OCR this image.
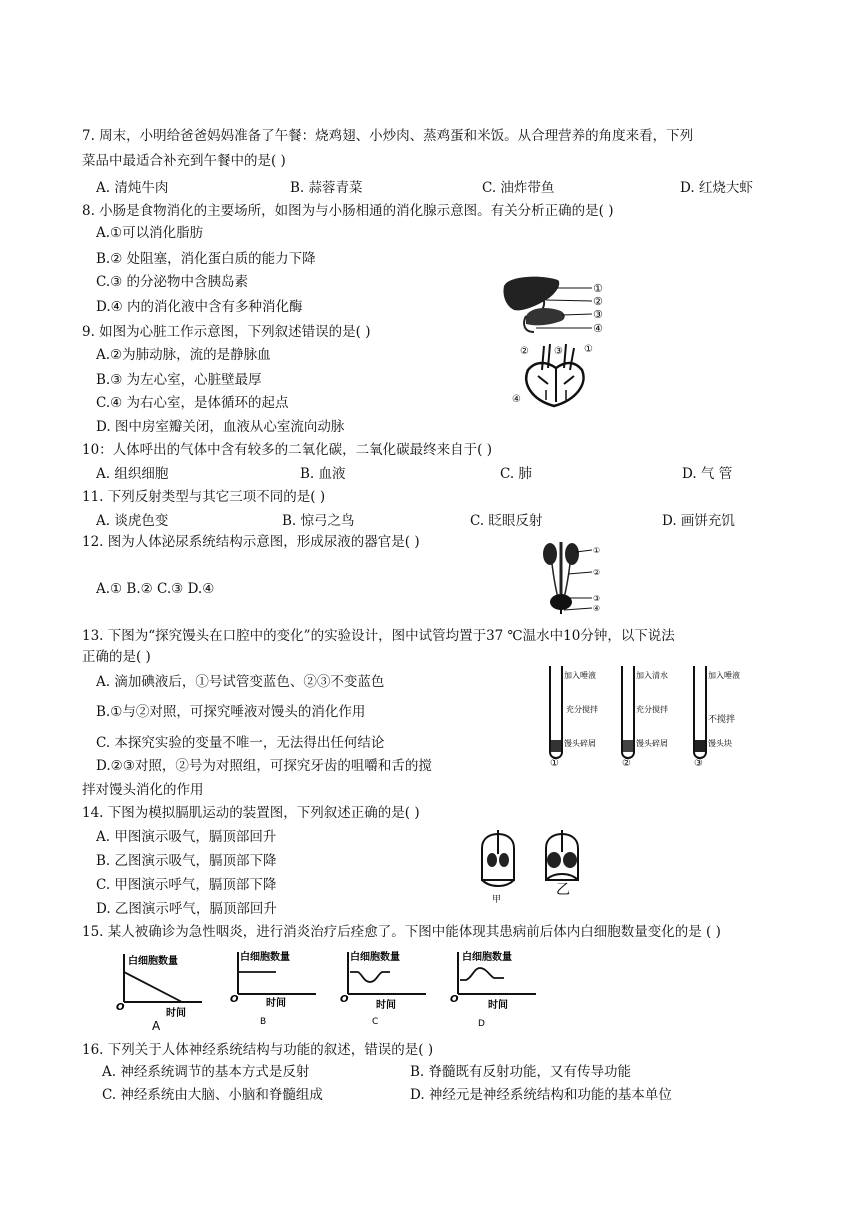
7. 周末，小明给爸爸妈妈准备了午餐：烧鸡翅、小炒肉、蒸鸡蛋和米饭。从合理营养的角度来看，下列
菜品中最适合补充到午餐中的是( )
A. 清炖牛肉	B. 蒜蓉青菜	C. 油炸带鱼	D. 红烧大虾
8. 小肠是食物消化的主要场所，如图为与小肠相通的消化腺示意图。有关分析正确的是( )
A.①可以消化脂肪
B.② 处阻塞，消化蛋白质的能力下降
C.③ 的分泌物中含胰岛素
D.④ 内的消化液中含有多种消化酶
①
②
③
④
9. 如图为心脏工作示意图，下列叙述错误的是( )
A.②为肺动脉，流的是静脉血
B.③ 为左心室，心脏壁最厚
C.④ 为右心室，是体循环的起点
D. 图中房室瓣关闭，血液从心室流向动脉
②	③ ①
④
10：人体呼出的气体中含有较多的二氧化碳，二氧化碳最终来自于( )
A. 组织细胞	B. 血液	C. 肺	D. 气 管
11. 下列反射类型与其它三项不同的是( )
A. 谈虎色变	B. 惊弓之鸟	C. 眨眼反射	D. 画饼充饥
12. 图为人体泌尿系统结构示意图，形成尿液的器官是( )
A.① B.② C.③ D.④
①
②
③
④
13. 下图为“探究馒头在口腔中的变化”的实验设计，图中试管均置于37 ℃温水中10分钟，以下说法
正确的是( )
A. 滴加碘液后，①号试管变蓝色、②③不变蓝色
B.①与②对照，可探究唾液对馒头的消化作用
C. 本探究实验的变量不唯一，无法得出任何结论
D.②③对照，②号为对照组，可探究牙齿的咀嚼和舌的搅
拌对馒头消化的作用
加入唾液
充分搅拌
馒头碎屑
①
加入清水
充分搅拌
馒头碎屑
②
加入唾液
不搅拌
馒头块
③
14. 下图为模拟膈肌运动的装置图，下列叙述正确的是( )
A. 甲图演示吸气，膈顶部回升
B. 乙图演示吸气，膈顶部下降
C. 甲图演示呼气，膈顶部下降
D. 乙图演示呼气，膈顶部回升
甲
乙
15. 某人被确诊为急性咽炎，进行消炎治疗后痊愈了。下图中能体现其患病前后体内白细胞数量变化的是 ( )
白细胞数量
O
时间
A
白细胞数量
O	时间
B
白细胞数量
O
时间
C
白细胞数量
O
时间
D
16. 下列关于人体神经系统结构与功能的叙述，错误的是( )
A. 神经系统调节的基本方式是反射	B. 脊髓既有反射功能，又有传导功能
C. 神经系统由大脑、小脑和脊髓组成	D. 神经元是神经系统结构和功能的基本单位
